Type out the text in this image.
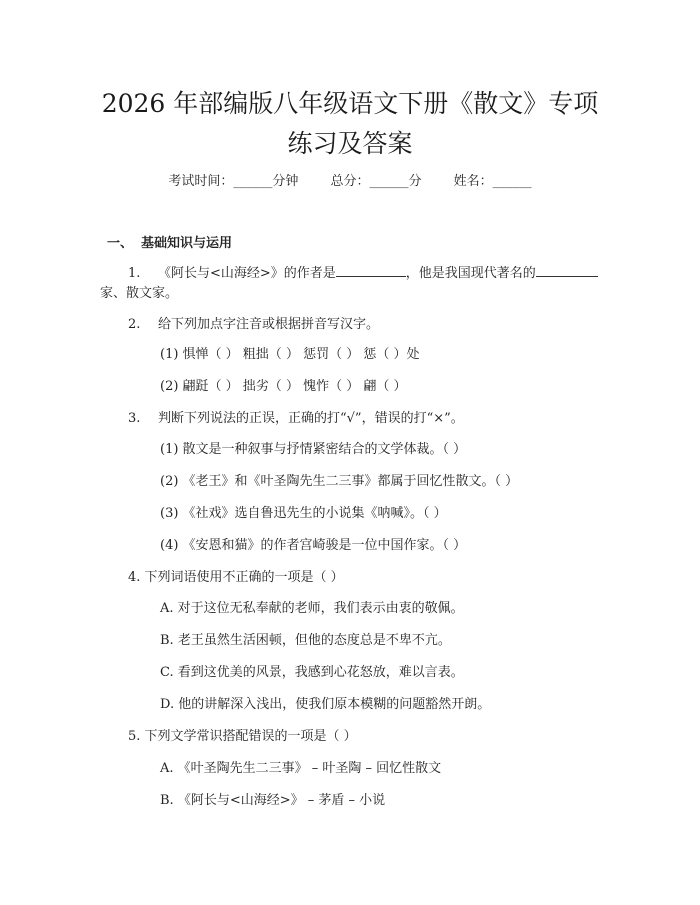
2026 年部编版八年级语文下册《散文》专项
练习及答案
考试时间：______分钟 总分：______分 姓名：______
一、 基础知识与运用
1. 《阿长与<山海经>》的作者是	，他是我国现代著名的
家、散文家。
2. 给下列加点字注音或根据拼音写汉字。
(1) 惧惮（ ） 粗拙（ ） 惩罚（ ） 惩（ ）处
(2) 翩跹（ ） 拙劣（ ） 愧怍（ ） 翩（ ）
3. 判断下列说法的正误，正确的打“√”，错误的打“×”。
(1) 散文是一种叙事与抒情紧密结合的文学体裁。（ ）
(2) 《老王》和《叶圣陶先生二三事》都属于回忆性散文。（ ）
(3) 《社戏》选自鲁迅先生的小说集《呐喊》。（ ）
(4) 《安恩和猫》的作者宫崎骏是一位中国作家。（ ）
4. 下列词语使用不正确的一项是（ ）
A. 对于这位无私奉献的老师，我们表示由衷的敬佩。
B. 老王虽然生活困顿，但他的态度总是不卑不亢。
C. 看到这优美的风景，我感到心花怒放，难以言表。
D. 他的讲解深入浅出，使我们原本模糊的问题豁然开朗。
5. 下列文学常识搭配错误的一项是（ ）
A. 《叶圣陶先生二三事》 – 叶圣陶 – 回忆性散文
B. 《阿长与<山海经>》 – 茅盾 – 小说
